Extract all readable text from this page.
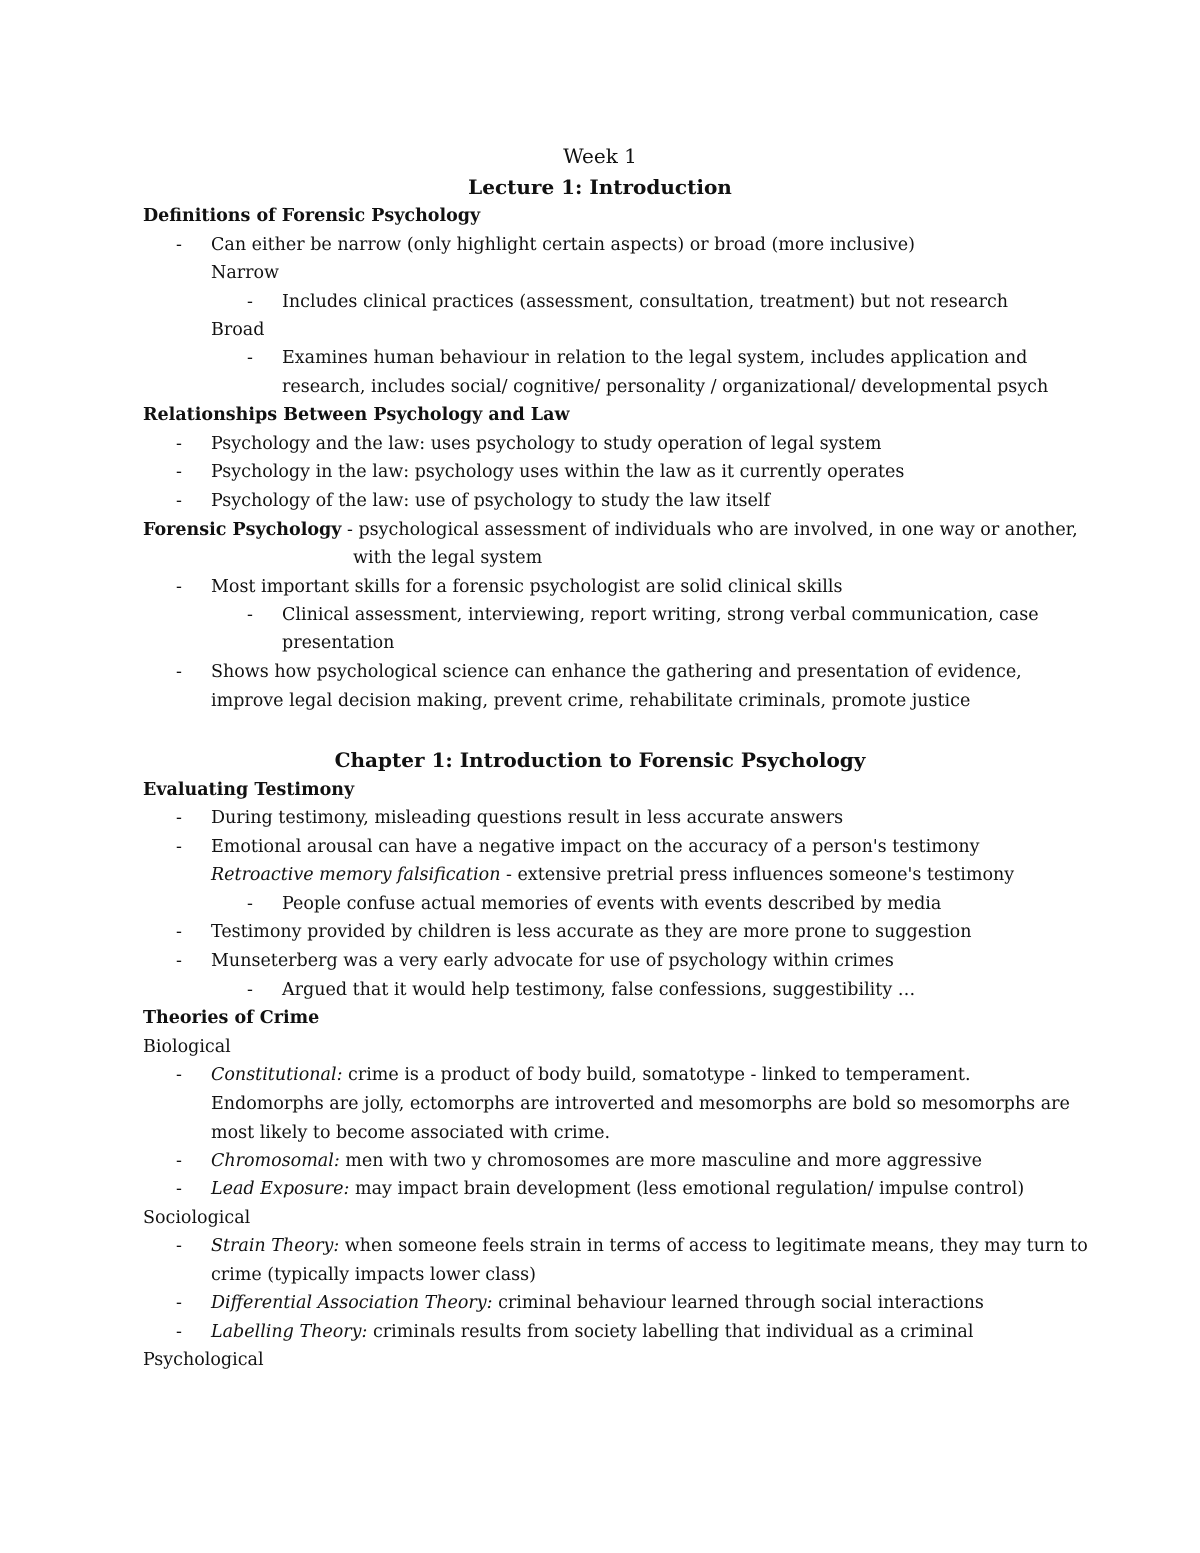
Week 1
Lecture 1: Introduction
Definitions of Forensic Psychology
- Can either be narrow (only highlight certain aspects) or broad (more inclusive)
Narrow
- Includes clinical practices (assessment, consultation, treatment) but not research
Broad
- Examines human behaviour in relation to the legal system, includes application and
research, includes social/ cognitive/ personality / organizational/ developmental psych
Relationships Between Psychology and Law
- Psychology and the law: uses psychology to study operation of legal system
- Psychology in the law: psychology uses within the law as it currently operates
- Psychology of the law: use of psychology to study the law itself
Forensic Psychology - psychological assessment of individuals who are involved, in one way or another,
with the legal system
- Most important skills for a forensic psychologist are solid clinical skills
- Clinical assessment, interviewing, report writing, strong verbal communication, case
presentation
- Shows how psychological science can enhance the gathering and presentation of evidence,
improve legal decision making, prevent crime, rehabilitate criminals, promote justice
Chapter 1: Introduction to Forensic Psychology
Evaluating Testimony
- During testimony, misleading questions result in less accurate answers
- Emotional arousal can have a negative impact on the accuracy of a person's testimony
Retroactive memory falsification - extensive pretrial press influences someone's testimony
- People confuse actual memories of events with events described by media
- Testimony provided by children is less accurate as they are more prone to suggestion
- Munseterberg was a very early advocate for use of psychology within crimes
- Argued that it would help testimony, false confessions, suggestibility …
Theories of Crime
Biological
- Constitutional: crime is a product of body build, somatotype - linked to temperament.
Endomorphs are jolly, ectomorphs are introverted and mesomorphs are bold so mesomorphs are
most likely to become associated with crime.
- Chromosomal: men with two y chromosomes are more masculine and more aggressive
- Lead Exposure: may impact brain development (less emotional regulation/ impulse control)
Sociological
- Strain Theory: when someone feels strain in terms of access to legitimate means, they may turn to
crime (typically impacts lower class)
- Differential Association Theory: criminal behaviour learned through social interactions
- Labelling Theory: criminals results from society labelling that individual as a criminal
Psychological
